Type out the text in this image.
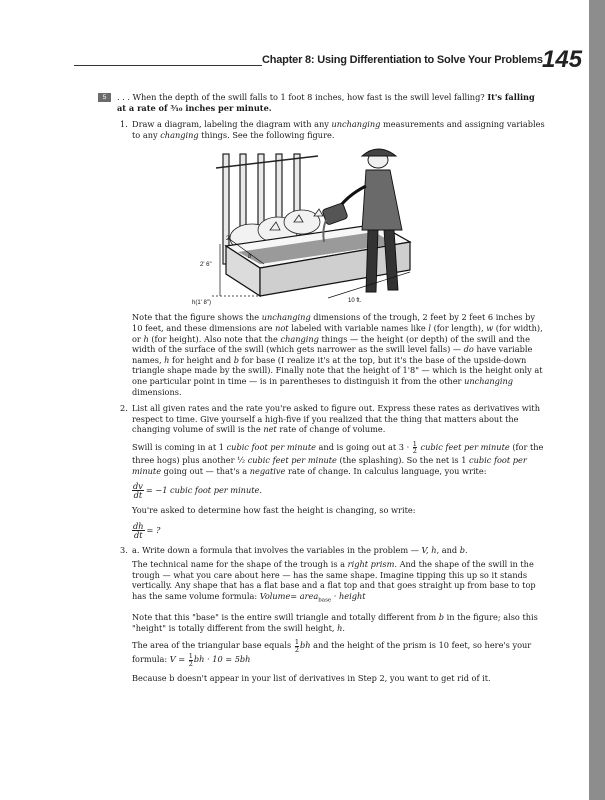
Chapter 8: Using Differentiation to Solve Your Problems 145
5	. . . When the depth of the swill falls to 1 foot 8 inches, how fast is the swill level falling? It's falling at a rate of ³⁄₁₀ inches per minute.
1. Draw a diagram, labeling the diagram with any unchanging measurements and assigning variables to any changing things. See the following figure.
2'
2' 6"
b
h(1' 8")	10 ft.

Note that the figure shows the unchanging dimensions of the trough, 2 feet by 2 feet 6 inches by 10 feet, and these dimensions are not labeled with variable names like l (for length), w (for width), or h (for height). Also note that the changing things — the height (or depth) of the swill and the width of the surface of the swill (which gets narrower as the swill level falls) — do have variable names, h for height and b for base (I realize it's at the top, but it's the base of the upside-down triangle shape made by the swill). Finally note that the height of 1'8" — which is the height only at one particular point in time — is in parentheses to distinguish it from the other unchanging dimensions.

2. List all given rates and the rate you're asked to figure out. Express these rates as derivatives with respect to time. Give yourself a high-five if you realized that the thing that matters about the changing volume of swill is the net rate of change of volume.

Swill is coming in at 1 cubic foot per minute and is going out at $3 \cdot \frac{1}{2}$ cubic feet per minute (for the three hogs) plus another ½ cubic feet per minute (the splashing). So the net is 1 cubic foot per minute going out — that's a negative rate of change. In calculus language, you write:

$\frac{dv}{dt} = -1$ cubic foot per minute.

You're asked to determine how fast the height is changing, so write:

$\frac{dh}{dt}$ = ?
3. a. Write down a formula that involves the variables in the problem — V, h, and b.

The technical name for the shape of the trough is a right prism. And the shape of the swill in the trough — what you care about here — has the same shape. Imagine tipping this up so it stands vertically. Any shape that has a flat base and a flat top and that goes straight up from base to top has the same volume formula: Volume= area$_{base}$ · height

Note that this "base" is the entire swill triangle and totally different from b in the figure; also this "height" is totally different from the swill height, h.

The area of the triangular base equals $\frac{1}{2}$ bh and the height of the prism is 10 feet, so here's your formula: $V = \frac{1}{2}$ bh · 10 = 5bh

Because b doesn't appear in your list of derivatives in Step 2, you want to get rid of it.
